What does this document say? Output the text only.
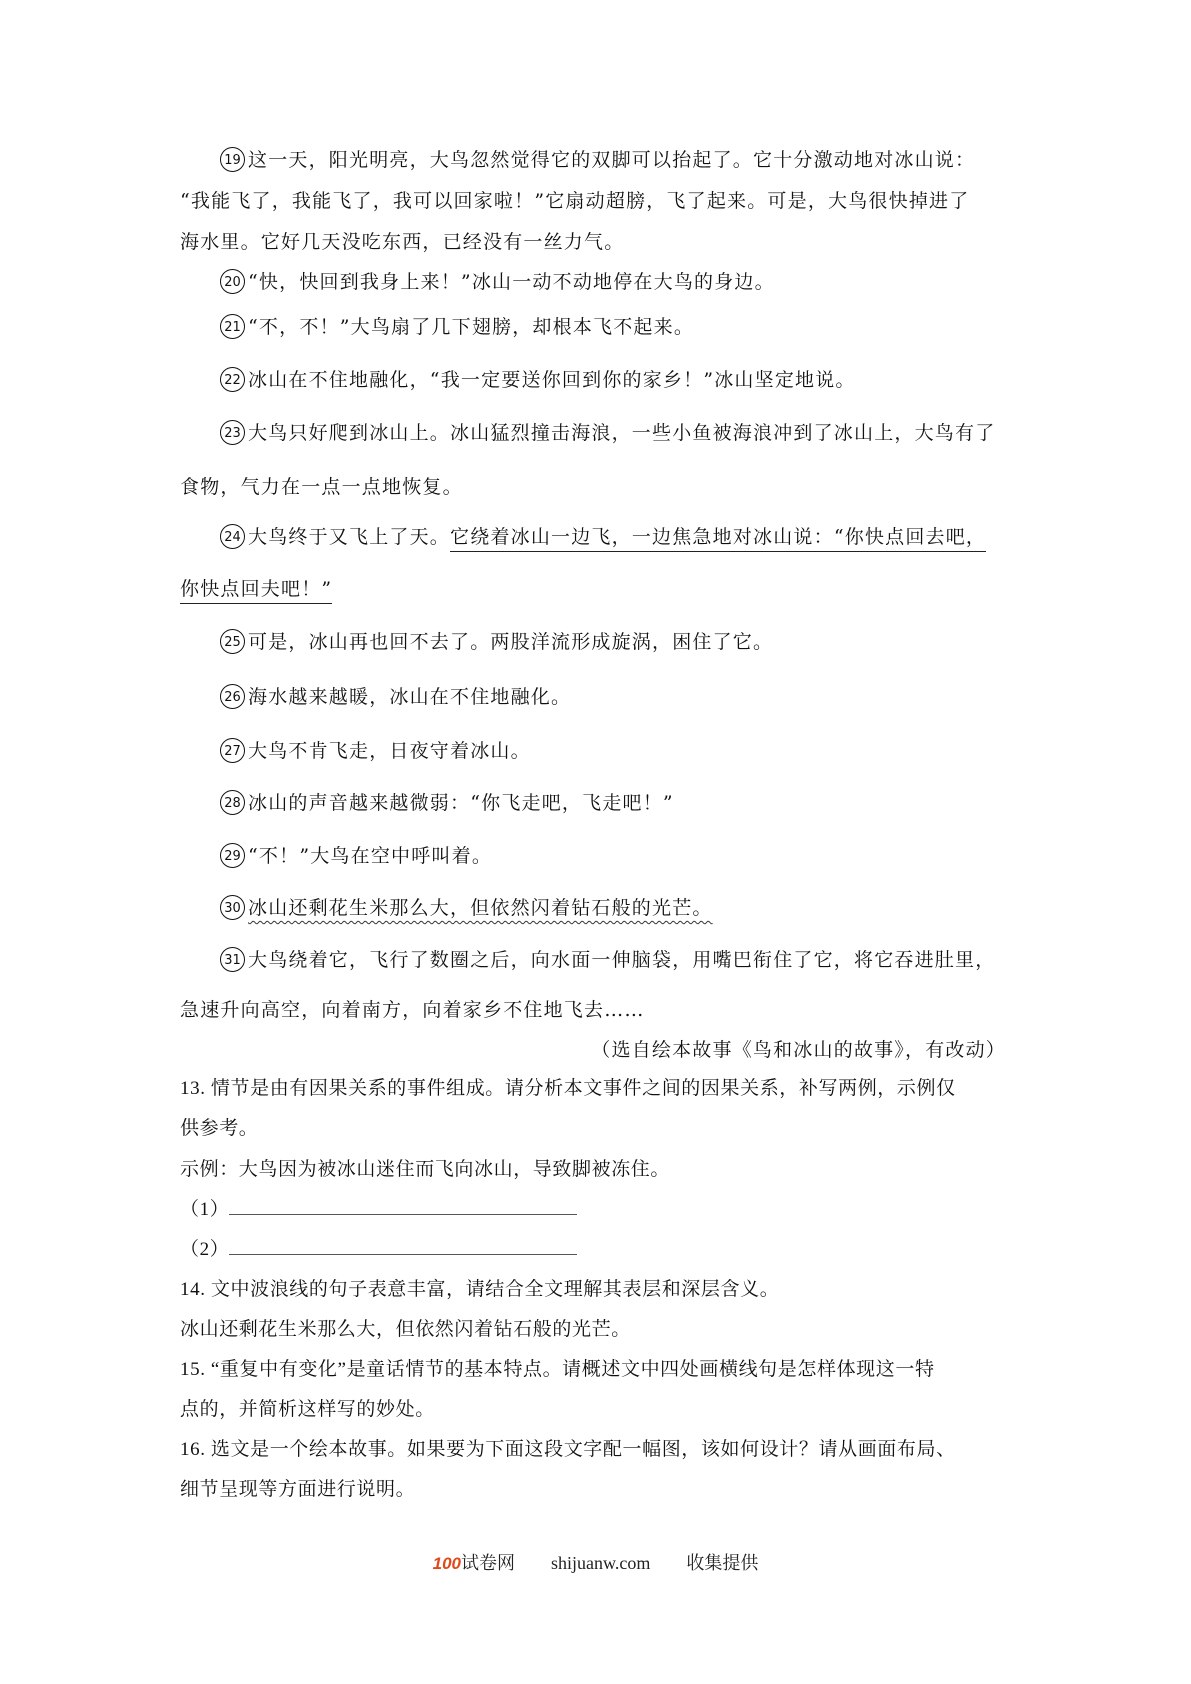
19 这一天，阳光明亮，大鸟忽然觉得它的双脚可以抬起了。它十分激动地对冰山说：
“我能飞了，我能飞了，我可以回家啦！”它扇动超膀，飞了起来。可是，大鸟很快掉进了
海水里。它好几天没吃东西，已经没有一丝力气。
20 “快，快回到我身上来！”冰山一动不动地停在大鸟的身边。
21 “不，不！”大鸟扇了几下翅膀，却根本飞不起来。
22 冰山在不住地融化，“我一定要送你回到你的家乡！”冰山坚定地说。
23 大鸟只好爬到冰山上。冰山猛烈撞击海浪，一些小鱼被海浪冲到了冰山上，大鸟有了
食物，气力在一点一点地恢复。
24 大鸟终于又飞上了天。它绕着冰山一边飞，一边焦急地对冰山说：“你快点回去吧，
你快点回夫吧！”
25 可是，冰山再也回不去了。两股洋流形成旋涡，困住了它。
26 海水越来越暖，冰山在不住地融化。
27 大鸟不肯飞走，日夜守着冰山。
28 冰山的声音越来越微弱：“你飞走吧，飞走吧！”
29 “不！”大鸟在空中呼叫着。
30 冰山还剩花生米那么大，但依然闪着钻石般的光芒。
31 大鸟绕着它，飞行了数圈之后，向水面一伸脑袋，用嘴巴衔住了它，将它吞进肚里，
急速升向高空，向着南方，向着家乡不住地飞去……
（选自绘本故事《鸟和冰山的故事》，有改动）
13. 情节是由有因果关系的事件组成。请分析本文事件之间的因果关系，补写两例，示例仅
供参考。
示例：大鸟因为被冰山迷住而飞向冰山，导致脚被冻住。
（1）
（2）
14. 文中波浪线的句子表意丰富，请结合全文理解其表层和深层含义。
冰山还剩花生米那么大，但依然闪着钻石般的光芒。
15. “重复中有变化”是童话情节的基本特点。请概述文中四处画横线句是怎样体现这一特
点的，并简析这样写的妙处。
16. 选文是一个绘本故事。如果要为下面这段文字配一幅图，该如何设计？请从画面布局、
细节呈现等方面进行说明。
100试卷网 shijuanw.com 收集提供
